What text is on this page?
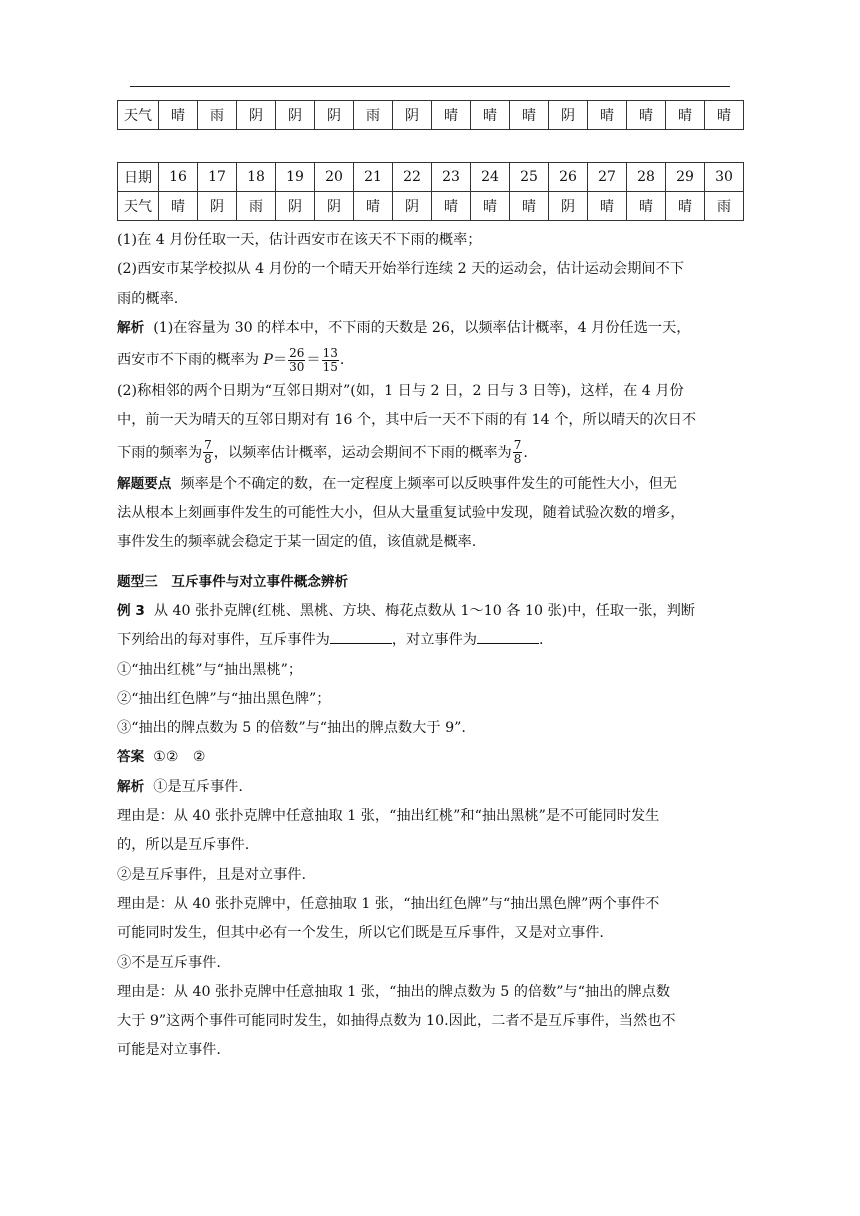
天气	晴	雨	阴	阴	阴	雨	阴	晴	晴	晴	阴	晴	晴	晴	晴
日期	16	17	18	19	20	21	22	23	24	25	26	27	28	29	30
天气	晴	阴	雨	阴	阴	晴	阴	晴	晴	晴	阴	晴	晴	晴	雨

(1)在 4 月份任取一天，估计西安市在该天不下雨的概率；

(2)西安市某学校拟从 4 月份的一个晴天开始举行连续 2 天的运动会，估计运动会期间不下

雨的概率.

解析  (1)在容量为 30 的样本中，不下雨的天数是 26，以频率估计概率，4 月份任选一天，

西安市不下雨的概率为 $P= \frac{26}{30} = \frac{13}{15}$ .

(2)称相邻的两个日期为“互邻日期对”(如，1 日与 2 日，2 日与 3 日等)，这样，在 4 月份

中，前一天为晴天的互邻日期对有 16 个，其中后一天不下雨的有 14 个，所以晴天的次日不

下雨的频率为 $\frac{7}{8}$ ，以频率估计概率，运动会期间不下雨的概率为 $\frac{7}{8}$ .

解题要点  频率是个不确定的数，在一定程度上频率可以反映事件发生的可能性大小，但无

法从根本上刻画事件发生的可能性大小，但从大量重复试验中发现，随着试验次数的增多，

事件发生的频率就会稳定于某一固定的值，该值就是概率.

题型三　互斥事件与对立事件概念辨析

例 3  从 40 张扑克牌(红桃、黑桃、方块、梅花点数从 1～10 各 10 张)中，任取一张，判断

下列给出的每对事件，互斥事件为	，对立事件为	.

①“抽出红桃”与“抽出黑桃”；

②“抽出红色牌”与“抽出黑色牌”；

③“抽出的牌点数为 5 的倍数”与“抽出的牌点数大于 9”.

答案  ①②　②

解析  ①是互斥事件.

理由是：从 40 张扑克牌中任意抽取 1 张，“抽出红桃”和“抽出黑桃”是不可能同时发生

的，所以是互斥事件.

②是互斥事件，且是对立事件.

理由是：从 40 张扑克牌中，任意抽取 1 张，“抽出红色牌”与“抽出黑色牌”两个事件不

可能同时发生，但其中必有一个发生，所以它们既是互斥事件，又是对立事件.

③不是互斥事件.

理由是：从 40 张扑克牌中任意抽取 1 张，“抽出的牌点数为 5 的倍数”与“抽出的牌点数

大于 9”这两个事件可能同时发生，如抽得点数为 10.因此，二者不是互斥事件，当然也不

可能是对立事件.
